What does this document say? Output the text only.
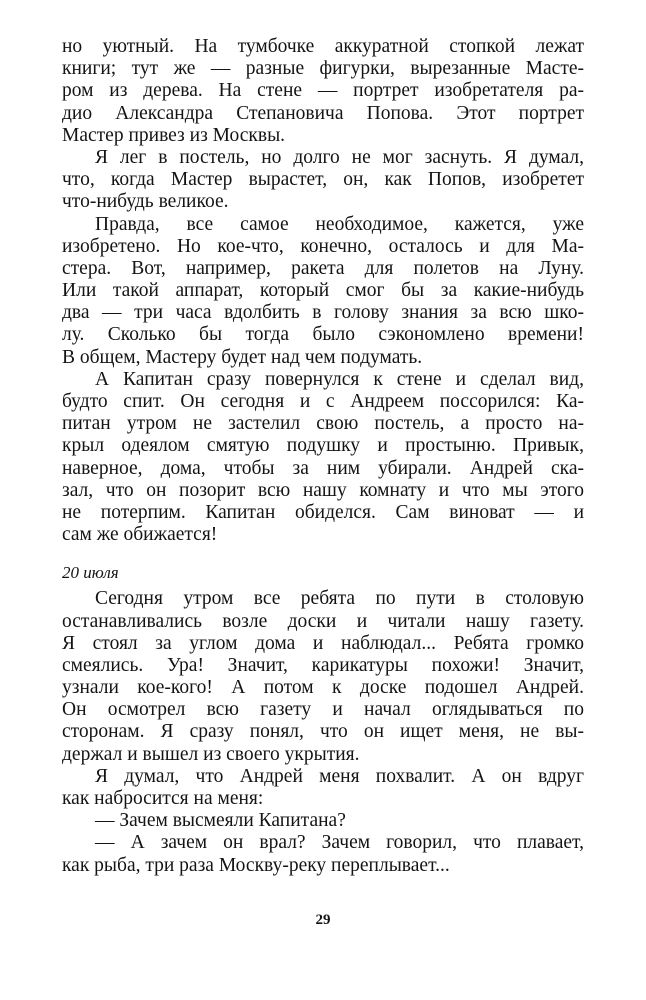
но уютный. На тумбочке аккуратной стопкой лежат
книги; тут же — разные фигурки, вырезанные Масте-
ром из дерева. На стене — портрет изобретателя ра-
дио Александра Степановича Попова. Этот портрет
Мастер привез из Москвы.
Я лег в постель, но долго не мог заснуть. Я думал,
что, когда Мастер вырастет, он, как Попов, изобретет
что-нибудь великое.
Правда, все самое необходимое, кажется, уже
изобретено. Но кое-что, конечно, осталось и для Ма-
стера. Вот, например, ракета для полетов на Луну.
Или такой аппарат, который смог бы за какие-нибудь
два — три часа вдолбить в голову знания за всю шко-
лу. Сколько бы тогда было сэкономлено времени!
В общем, Мастеру будет над чем подумать.
А Капитан сразу повернулся к стене и сделал вид,
будто спит. Он сегодня и с Андреем поссорился: Ка-
питан утром не застелил свою постель, а просто на-
крыл одеялом смятую подушку и простыню. Привык,
наверное, дома, чтобы за ним убирали. Андрей ска-
зал, что он позорит всю нашу комнату и что мы этого
не потерпим. Капитан обиделся. Сам виноват — и
сам же обижается!
20 июля
Сегодня утром все ребята по пути в столовую
останавливались возле доски и читали нашу газету.
Я стоял за углом дома и наблюдал... Ребята громко
смеялись. Ура! Значит, карикатуры похожи! Значит,
узнали кое-кого! А потом к доске подошел Андрей.
Он осмотрел всю газету и начал оглядываться по
сторонам. Я сразу понял, что он ищет меня, не вы-
держал и вышел из своего укрытия.
Я думал, что Андрей меня похвалит. А он вдруг
как набросится на меня:
— Зачем высмеяли Капитана?
— А зачем он врал? Зачем говорил, что плавает,
как рыба, три раза Москву-реку переплывает...
29
